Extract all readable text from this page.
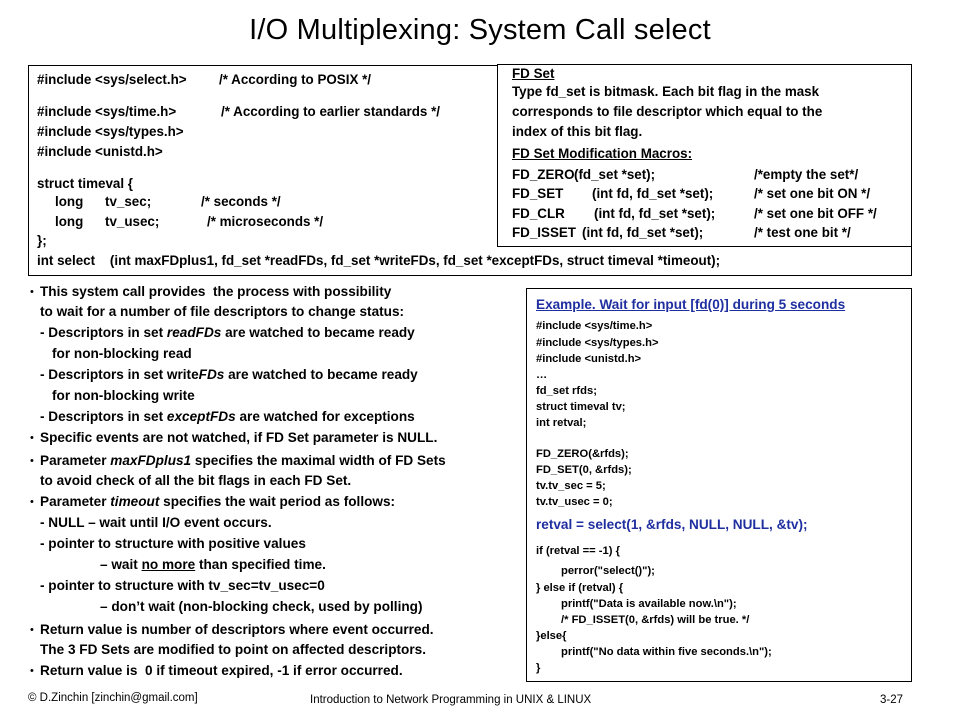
I/O Multiplexing: System Call select
#include <sys/select.h> /* According to POSIX */
#include <sys/time.h>	/* According to earlier standards */
#include <sys/types.h>
#include <unistd.h>
struct timeval {
long tv_sec;	/* seconds */
long tv_usec;	/* microseconds */
};
int select    (int maxFDplus1, fd_set *readFDs, fd_set *writeFDs, fd_set *exceptFDs, struct timeval *timeout);
FD Set
Type fd_set is bitmask. Each bit flag in the mask
corresponds to file descriptor which equal to the
index of this bit flag.
FD Set Modification Macros:
FD_ZERO (fd_set *set);	/*empty the set*/
FD_SET (int fd, fd_set *set);	/* set one bit ON */
FD_CLR (int fd, fd_set *set);	/* set one bit OFF */
FD_ISSET (int fd, fd_set *set);	/* test one bit */
• This system call provides  the process with possibility
to wait for a number of file descriptors to change status:
- Descriptors in set readFDs are watched to became ready
for non-blocking read
- Descriptors in set writeFDs are watched to became ready
for non-blocking write
- Descriptors in set exceptFDs are watched for exceptions
• Specific events are not watched, if FD Set parameter is NULL.
• Parameter maxFDplus1 specifies the maximal width of FD Sets
to avoid check of all the bit flags in each FD Set.
• Parameter timeout specifies the wait period as follows:
- NULL – wait until I/O event occurs.
- pointer to structure with positive values
– wait no more than specified time.
- pointer to structure with tv_sec=tv_usec=0
– don’t wait (non-blocking check, used by polling)
• Return value is number of descriptors where event occurred.
The 3 FD Sets are modified to point on affected descriptors.
• Return value is  0 if timeout expired, -1 if error occurred.
Example. Wait for input [fd(0)] during 5 seconds
#include <sys/time.h>
#include <sys/types.h>
#include <unistd.h>
…
fd_set rfds;
struct timeval tv;
int retval;
FD_ZERO(&rfds);
FD_SET(0, &rfds);
tv.tv_sec = 5;
tv.tv_usec = 0;
retval = select(1, &rfds, NULL, NULL, &tv);
if (retval == -1) {
perror("select()");
} else if (retval) {
printf("Data is available now.\n");
/* FD_ISSET(0, &rfds) will be true. */
}else{
printf("No data within five seconds.\n");
}
© D.Zinchin [zinchin@gmail.com]	Introduction to Network Programming in UNIX & LINUX	3-27
